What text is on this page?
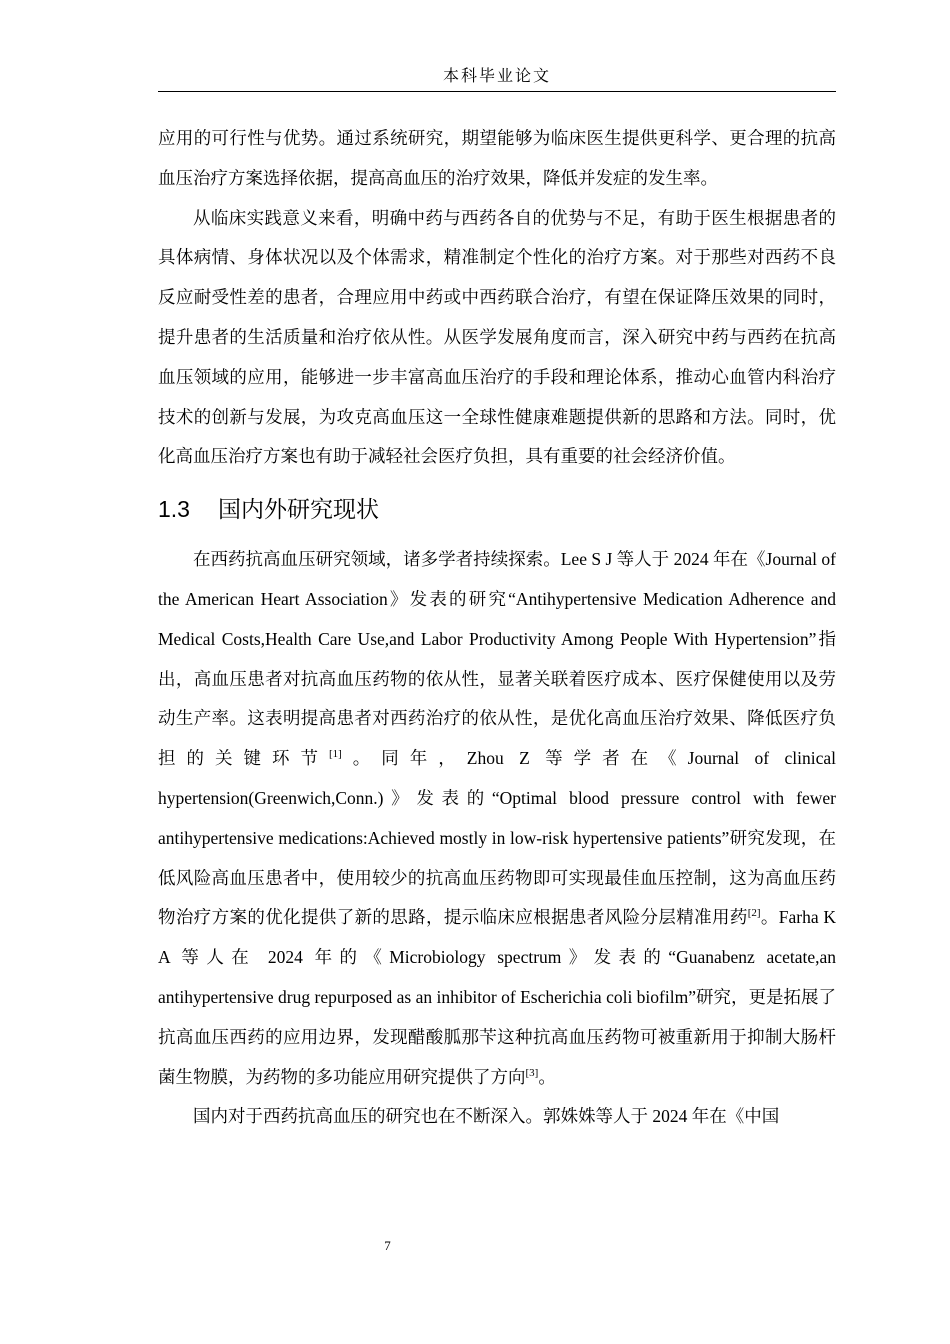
本科毕业论文

应用的可行性与优势。通过系统研究，期望能够为临床医生提供更科学、更合理的抗高血压治疗方案选择依据，提高高血压的治疗效果，降低并发症的发生率。

从临床实践意义来看，明确中药与西药各自的优势与不足，有助于医生根据患者的具体病情、身体状况以及个体需求，精准制定个性化的治疗方案。对于那些对西药不良反应耐受性差的患者，合理应用中药或中西药联合治疗，有望在保证降压效果的同时，提升患者的生活质量和治疗依从性。从医学发展角度而言，深入研究中药与西药在抗高血压领域的应用，能够进一步丰富高血压治疗的手段和理论体系，推动心血管内科治疗技术的创新与发展，为攻克高血压这一全球性健康难题提供新的思路和方法。同时，优化高血压治疗方案也有助于减轻社会医疗负担，具有重要的社会经济价值。

1.3 国内外研究现状

在西药抗高血压研究领域，诸多学者持续探索。Lee S J 等人于 2024 年在《Journal of the American Heart Association》发表的研究“Antihypertensive Medication Adherence and Medical Costs,Health Care Use,and Labor Productivity Among People With Hypertension”指出，高血压患者对抗高血压药物的依从性，显著关联着医疗成本、医疗保健使用以及劳动生产率。这表明提高患者对西药治疗的依从性，是优化高血压治疗效果、降低医疗负担的关键环节[1]。同年，Zhou Z 等学者在《Journal of clinical hypertension(Greenwich,Conn.)》发表的“Optimal blood pressure control with fewer antihypertensive medications:Achieved mostly in low-risk hypertensive patients”研究发现，在低风险高血压患者中，使用较少的抗高血压药物即可实现最佳血压控制，这为高血压药物治疗方案的优化提供了新的思路，提示临床应根据患者风险分层精准用药[2]。Farha K A 等人在 2024 年的《Microbiology spectrum》发表的“Guanabenz acetate,an antihypertensive drug repurposed as an inhibitor of Escherichia coli biofilm”研究，更是拓展了抗高血压西药的应用边界，发现醋酸胍那苄这种抗高血压药物可被重新用于抑制大肠杆菌生物膜，为药物的多功能应用研究提供了方向[3]。

国内对于西药抗高血压的研究也在不断深入。郭姝姝等人于 2024 年在《中国

7
